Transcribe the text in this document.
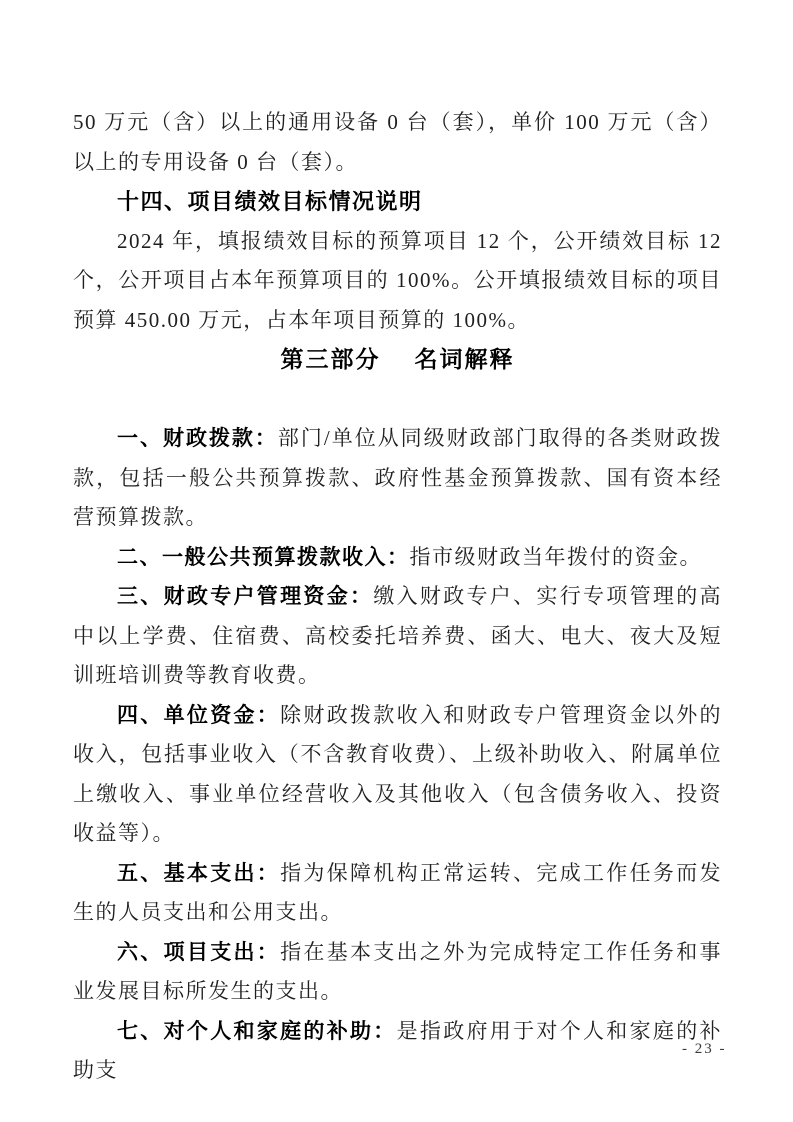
50 万元（含）以上的通用设备 0 台（套），单价 100 万元（含）以上的专用设备 0 台（套）。

十四、项目绩效目标情况说明

2024 年，填报绩效目标的预算项目 12 个，公开绩效目标 12 个，公开项目占本年预算项目的 100%。公开填报绩效目标的项目预算 450.00 万元，占本年项目预算的 100%。

第三部分 名词解释

一、财政拨款：部门/单位从同级财政部门取得的各类财政拨款，包括一般公共预算拨款、政府性基金预算拨款、国有资本经营预算拨款。

二、一般公共预算拨款收入：指市级财政当年拨付的资金。

三、财政专户管理资金：缴入财政专户、实行专项管理的高中以上学费、住宿费、高校委托培养费、函大、电大、夜大及短训班培训费等教育收费。

四、单位资金：除财政拨款收入和财政专户管理资金以外的收入，包括事业收入（不含教育收费）、上级补助收入、附属单位上缴收入、事业单位经营收入及其他收入（包含债务收入、投资收益等）。

五、基本支出：指为保障机构正常运转、完成工作任务而发生的人员支出和公用支出。

六、项目支出：指在基本支出之外为完成特定工作任务和事业发展目标所发生的支出。

七、对个人和家庭的补助：是指政府用于对个人和家庭的补助支

- 23 -
